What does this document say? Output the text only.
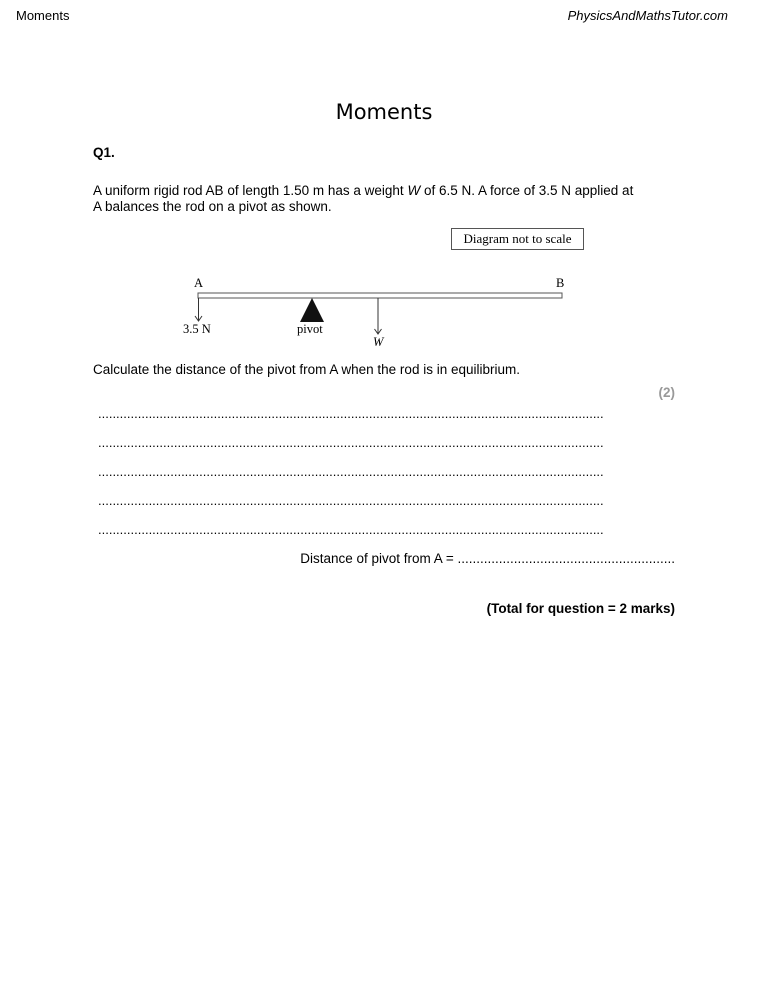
Moments	PhysicsAndMathsTutor.com
Moments
Q1.
A uniform rigid rod AB of length 1.50 m has a weight W of 6.5 N. A force of 3.5 N applied at
A balances the rod on a pivot as shown.
Diagram not to scale
A	B
3.5 N	pivot
W
Calculate the distance of the pivot from A when the rod is in equilibrium.
(2)
............................................................................................................................................
............................................................................................................................................
............................................................................................................................................
............................................................................................................................................
............................................................................................................................................
Distance of pivot from A = ..........................................................
(Total for question = 2 marks)
